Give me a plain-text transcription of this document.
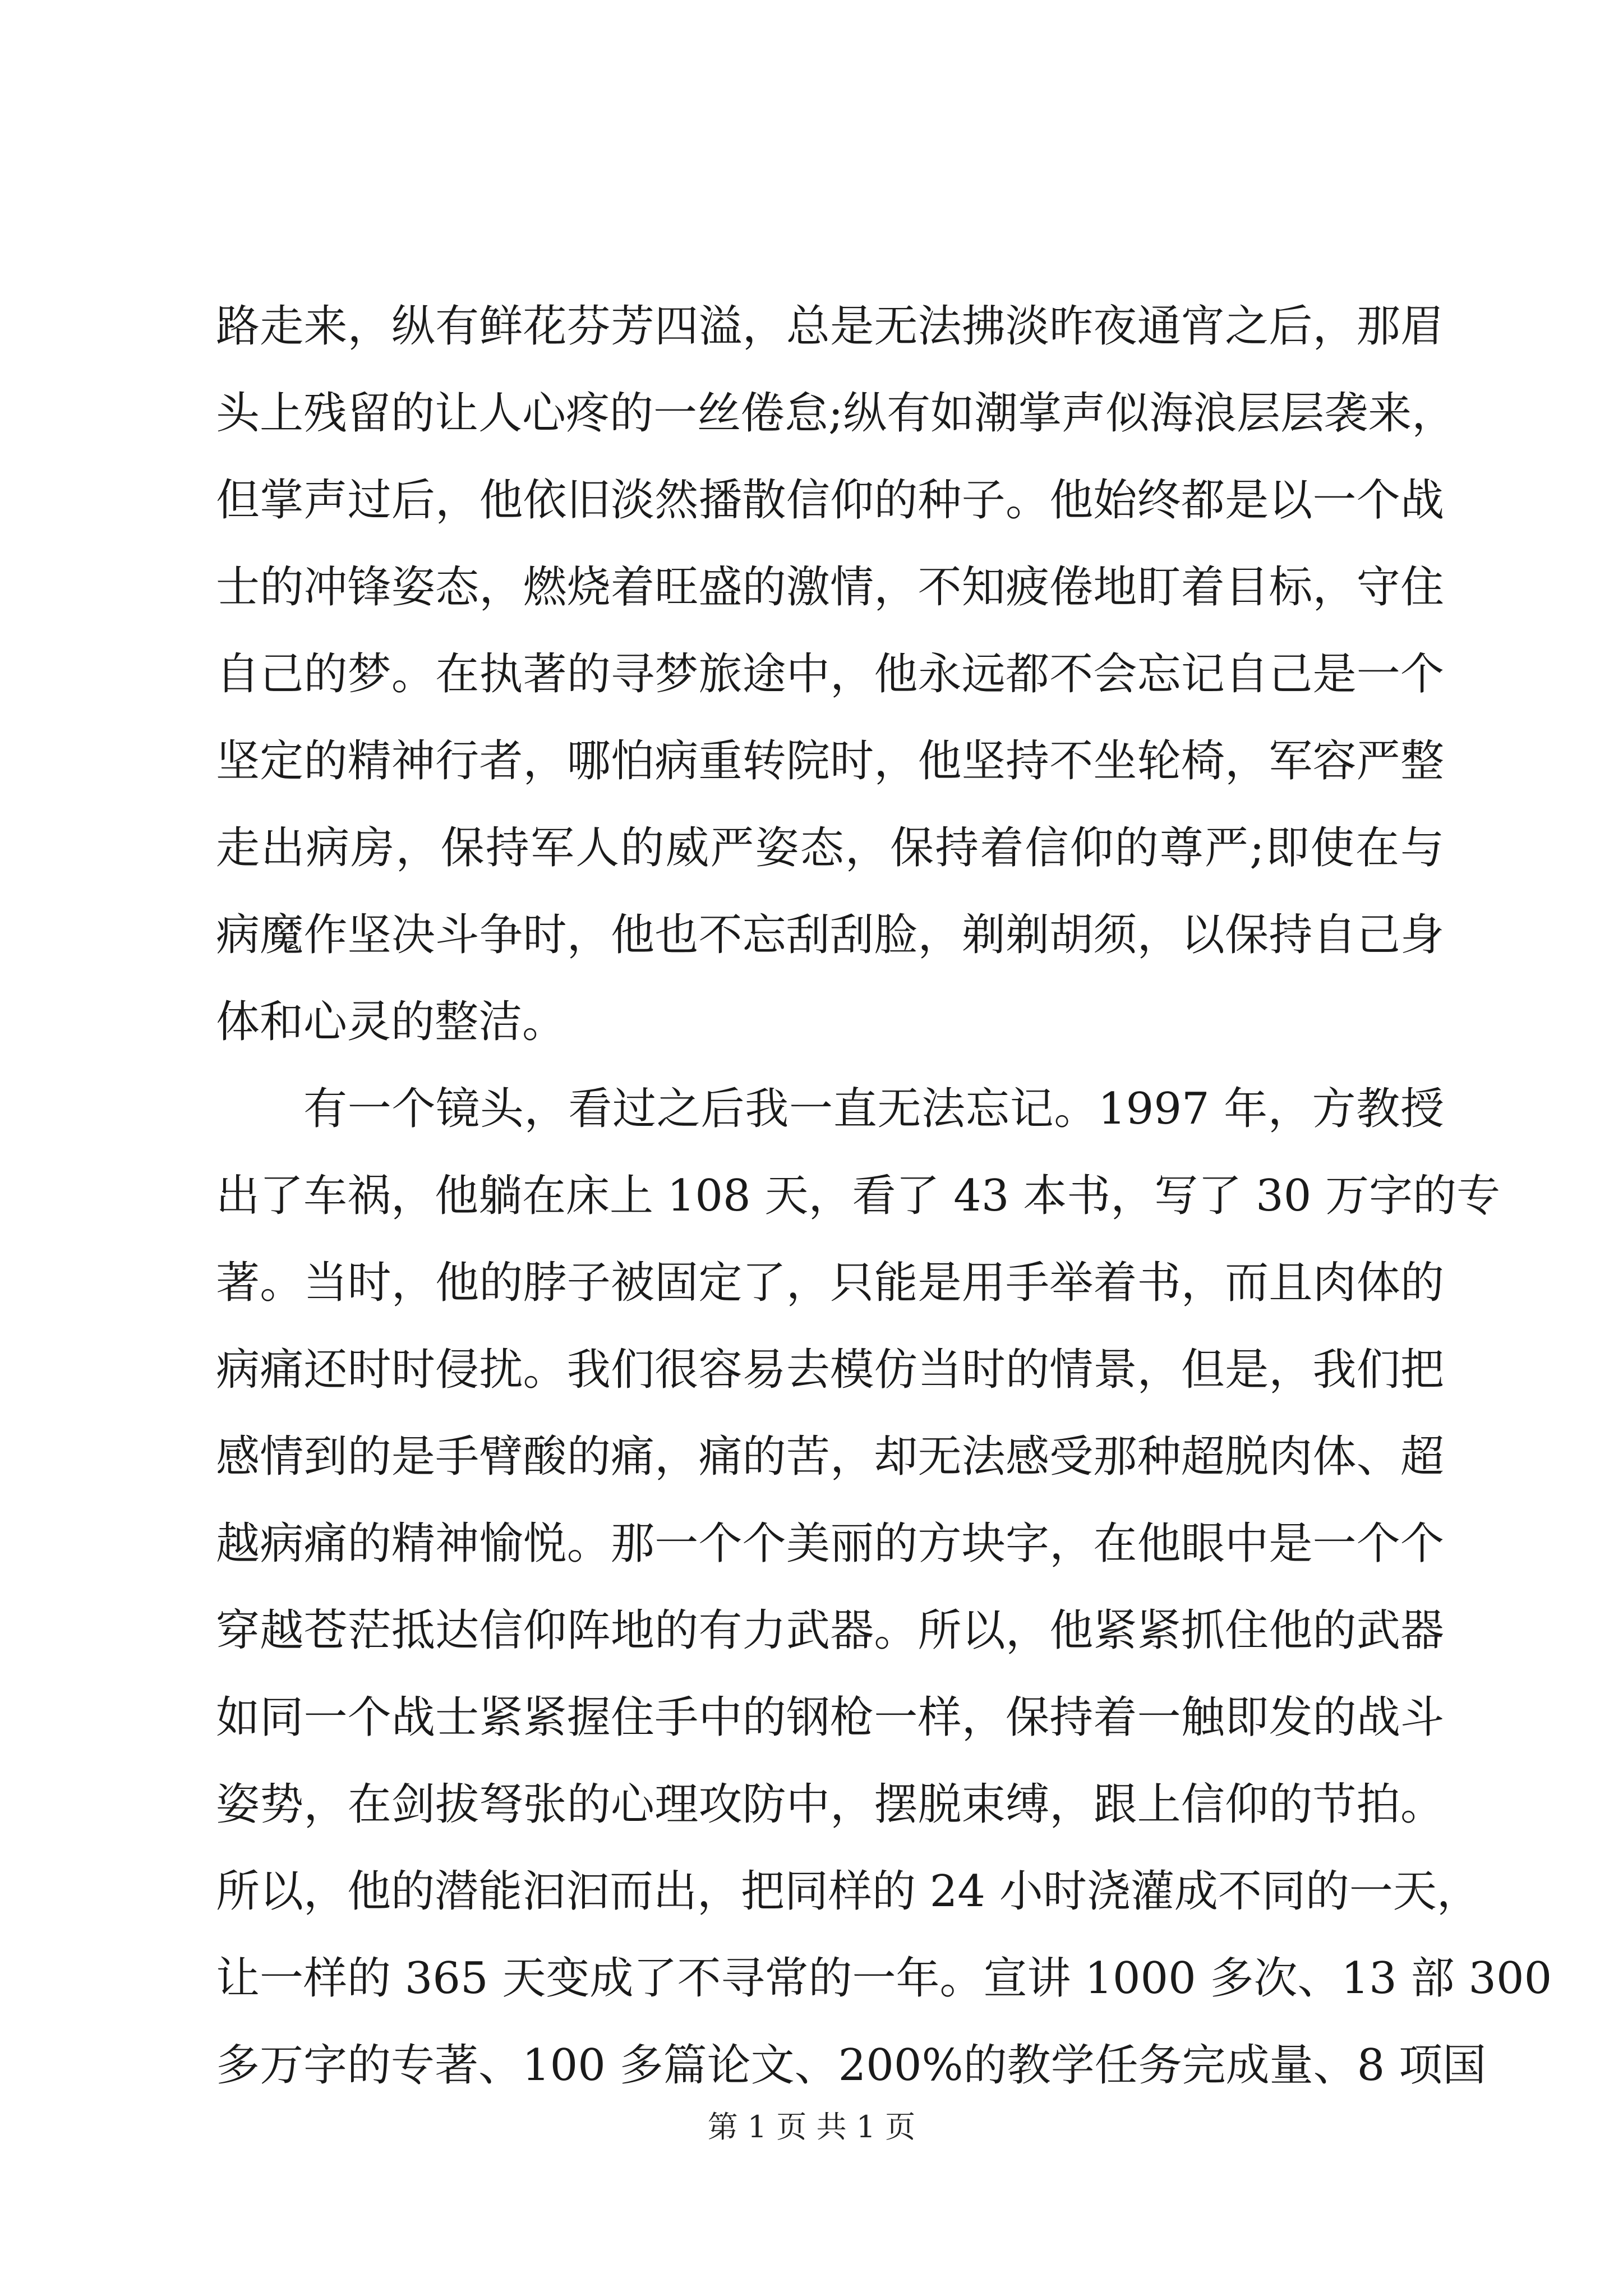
路走来，纵有鲜花芬芳四溢，总是无法拂淡昨夜通宵之后，那眉
头上残留的让人心疼的一丝倦怠;纵有如潮掌声似海浪层层袭来，
但掌声过后，他依旧淡然播散信仰的种子。他始终都是以一个战
士的冲锋姿态，燃烧着旺盛的激情，不知疲倦地盯着目标，守住
自己的梦。在执著的寻梦旅途中，他永远都不会忘记自己是一个
坚定的精神行者，哪怕病重转院时，他坚持不坐轮椅，军容严整
走出病房，保持军人的威严姿态，保持着信仰的尊严;即使在与
病魔作坚决斗争时，他也不忘刮刮脸，剃剃胡须，以保持自己身
体和心灵的整洁。
有一个镜头，看过之后我一直无法忘记。1997 年，方教授
出了车祸，他躺在床上 108 天，看了 43 本书，写了 30 万字的专
著。当时，他的脖子被固定了，只能是用手举着书，而且肉体的
病痛还时时侵扰。我们很容易去模仿当时的情景，但是，我们把
感情到的是手臂酸的痛，痛的苦，却无法感受那种超脱肉体、超
越病痛的精神愉悦。那一个个美丽的方块字，在他眼中是一个个
穿越苍茫抵达信仰阵地的有力武器。所以，他紧紧抓住他的武器
如同一个战士紧紧握住手中的钢枪一样，保持着一触即发的战斗
姿势，在剑拔弩张的心理攻防中，摆脱束缚，跟上信仰的节拍。
所以，他的潜能汩汩而出，把同样的 24 小时浇灌成不同的一天，
让一样的 365 天变成了不寻常的一年。宣讲 1000 多次、13 部 300
多万字的专著、100 多篇论文、200%的教学任务完成量、8 项国
第 1 页 共 1 页
